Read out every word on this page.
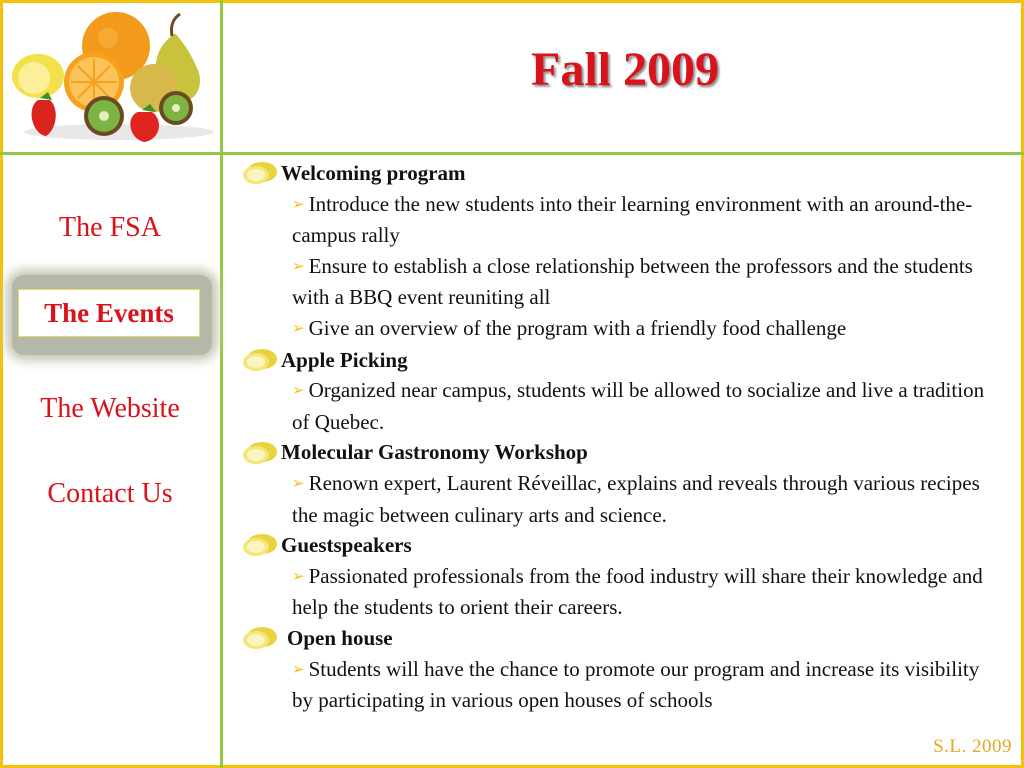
Fall 2009
The FSA
The Events
The Website
Contact Us
Welcoming program
➢ Introduce the new students into their learning environment with an around-the-campus rally
➢ Ensure to establish a close relationship between the professors and the students with a BBQ event reuniting all
➢ Give an overview of the program with a friendly food challenge
Apple Picking
➢ Organized near campus, students will be allowed to socialize and live a tradition of Quebec.
Molecular Gastronomy Workshop
➢ Renown expert, Laurent Réveillac, explains and reveals through various recipes the magic between culinary arts and science.
Guestspeakers
➢ Passionated professionals from the food industry will share their knowledge and help the students to orient their careers.
Open house
➢ Students will have the chance to promote our program and increase its visibility by participating in various open houses of schools
S.L. 2009
